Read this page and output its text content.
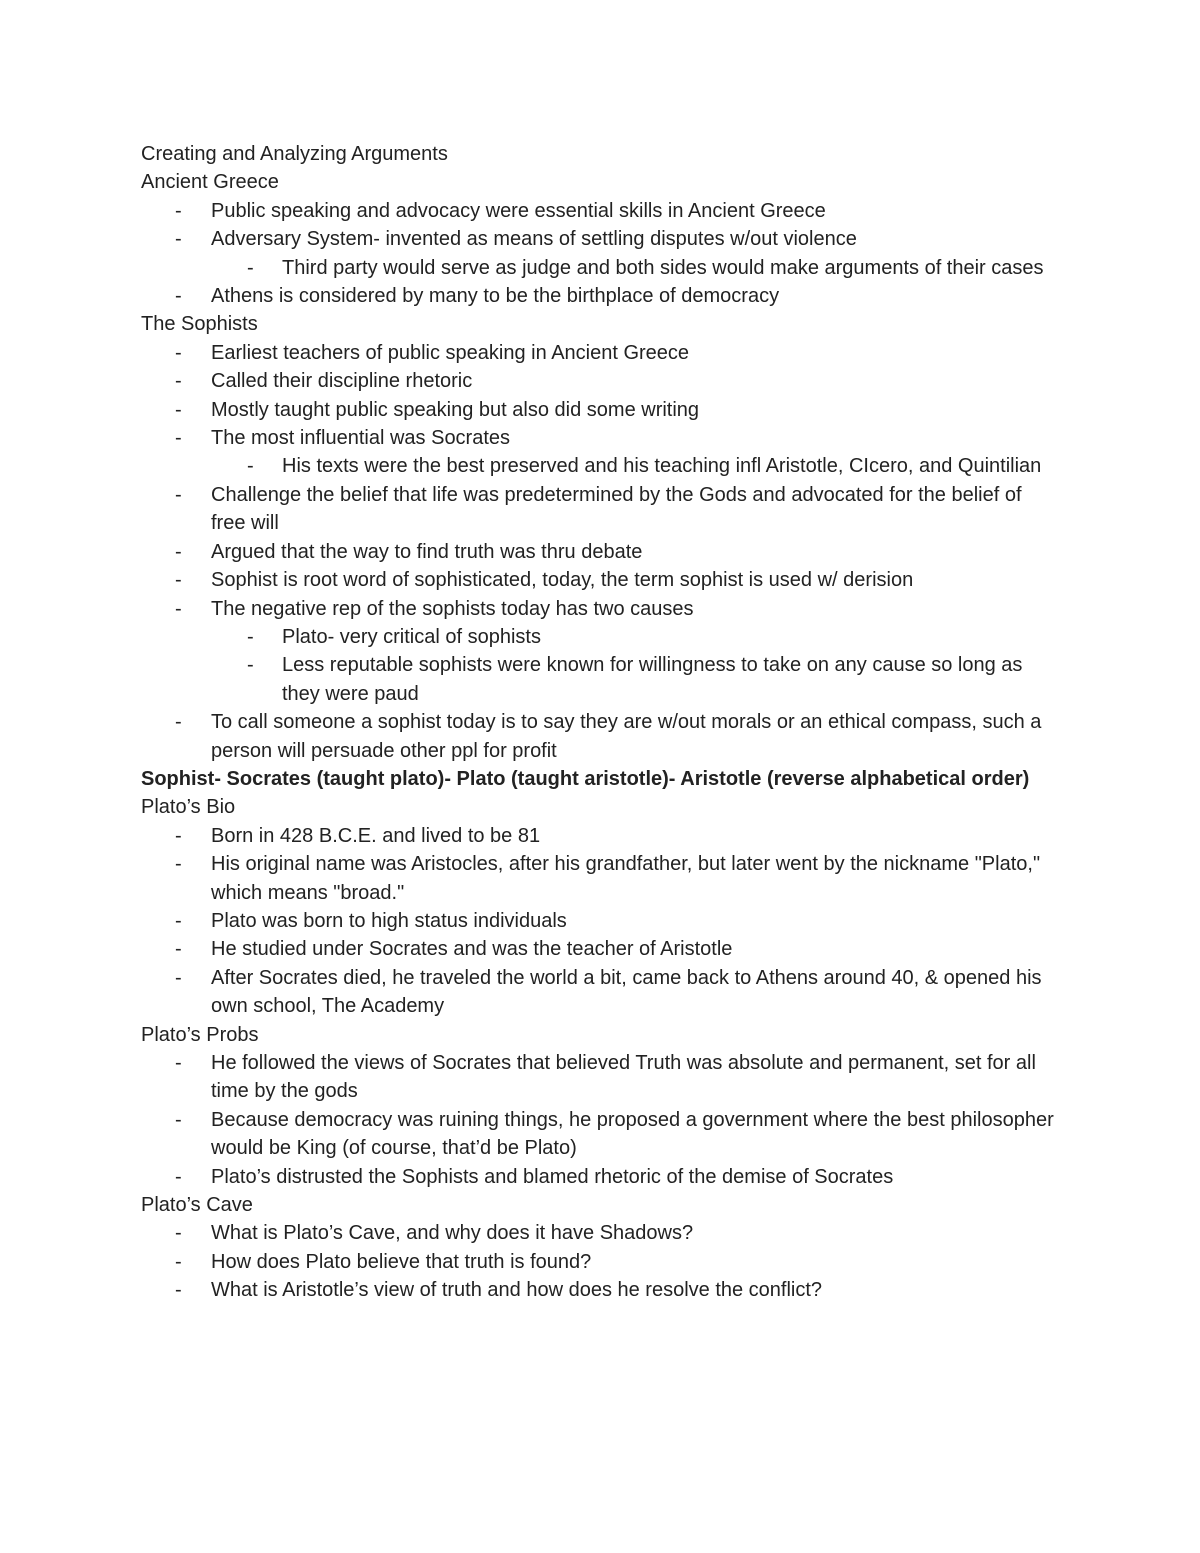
Creating and Analyzing Arguments
Ancient Greece
- Public speaking and advocacy were essential skills in Ancient Greece
- Adversary System- invented as means of settling disputes w/out violence
- Third party would serve as judge and both sides would make arguments of their cases
- Athens is considered by many to be the birthplace of democracy
The Sophists
- Earliest teachers of public speaking in Ancient Greece
- Called their discipline rhetoric
- Mostly taught public speaking but also did some writing
- The most influential was Socrates
- His texts were the best preserved and his teaching infl Aristotle, CIcero, and Quintilian
- Challenge the belief that life was predetermined by the Gods and advocated for the belief of free will
- Argued that the way to find truth was thru debate
- Sophist is root word of sophisticated, today, the term sophist is used w/ derision
- The negative rep of the sophists today has two causes
- Plato- very critical of sophists
- Less reputable sophists were known for willingness to take on any cause so long as they were paud
- To call someone a sophist today is to say they are w/out morals or an ethical compass, such a person will persuade other ppl for profit
Sophist- Socrates (taught plato)- Plato (taught aristotle)- Aristotle (reverse alphabetical order)
Plato’s Bio
- Born in 428 B.C.E. and lived to be 81
- His original name was Aristocles, after his grandfather, but later went by the nickname "Plato," which means "broad."
- Plato was born to high status individuals
- He studied under Socrates and was the teacher of Aristotle
- After Socrates died, he traveled the world a bit, came back to Athens around 40, & opened his own school, The Academy
Plato’s Probs
- He followed the views of Socrates that believed Truth was absolute and permanent, set for all time by the gods
- Because democracy was ruining things, he proposed a government where the best philosopher would be King (of course, that’d be Plato)
- Plato’s distrusted the Sophists and blamed rhetoric of the demise of Socrates
Plato’s Cave
- What is Plato’s Cave, and why does it have Shadows?
- How does Plato believe that truth is found?
- What is Aristotle’s view of truth and how does he resolve the conflict?
